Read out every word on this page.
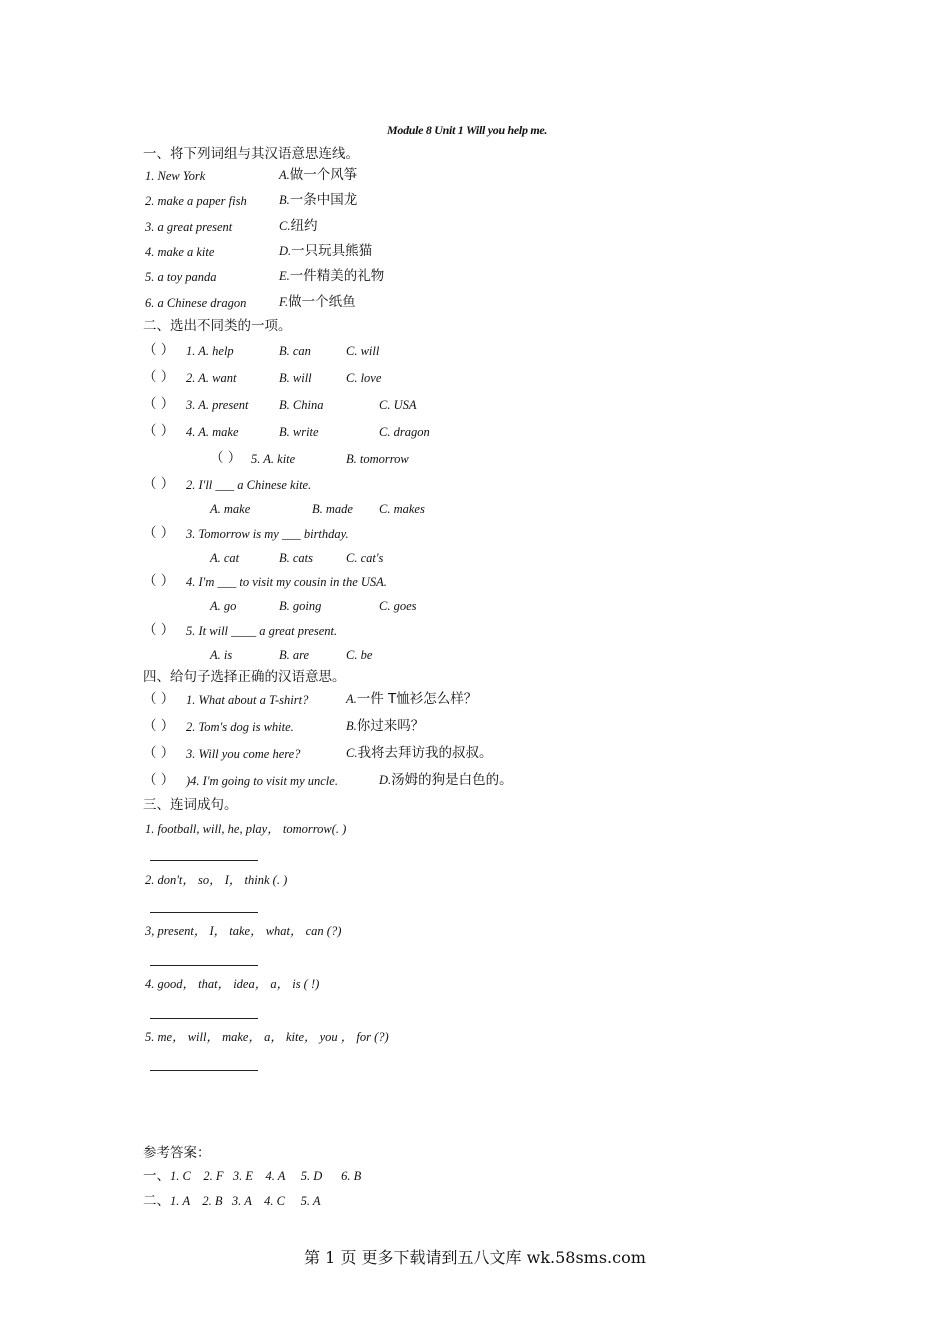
Module 8 Unit 1 Will you help me.
一、将下列词组与其汉语意思连线。
1. New York	A.做一个风筝
2. make a paper fish	B.一条中国龙
3. a great present	C.纽约
4. make a kite	D.一只玩具熊猫
5. a toy panda	E.一件精美的礼物
6. a Chinese dragon	F.做一个纸鱼
二、选出不同类的一项。
（ ） 1. A. help	B. can	C. will
（ ） 2. A. want	B. will	C. love
（ ） 3. A. present B. China	C. USA
（ ） 4. A. make	B. write	C. dragon
（ ） 5. A. kite	B. tomorrow
（ ） 2. I'll ___ a Chinese kite.
A. make	B. made C. makes
（ ） 3. Tomorrow is my ___ birthday.
A. cat	B. cats	C. cat's
（ ） 4. I'm ___ to visit my cousin in the USA.
A. go	B. going	C. goes
（ ） 5. It will ____ a great present.
A. is	B. are	C. be
四、给句子选择正确的汉语意思。
（ ） 1. What about a T-shirt?	A.一件 T恤衫怎么样？
（ ） 2. Tom's dog is white.	B.你过来吗？
（ ） 3. Will you come here?	C.我将去拜访我的叔叔。
（ ） )4. I'm going to visit my uncle.	D.汤姆的狗是白色的。
三、连词成句。
1. football, will, he, play， tomorrow(. )
2. don't， so， I， think (. )
3, present， I， take， what， can (?)
4. good， that， idea， a， is ( !)
5. me， will， make， a， kite， you ， for (?)
参考答案：
一、1. C    2. F   3. E    4. A     5. D      6. B
二、1. A    2. B   3. A    4. C     5. A
第 1 页 更多下载请到五八文库 wk.58sms.com
